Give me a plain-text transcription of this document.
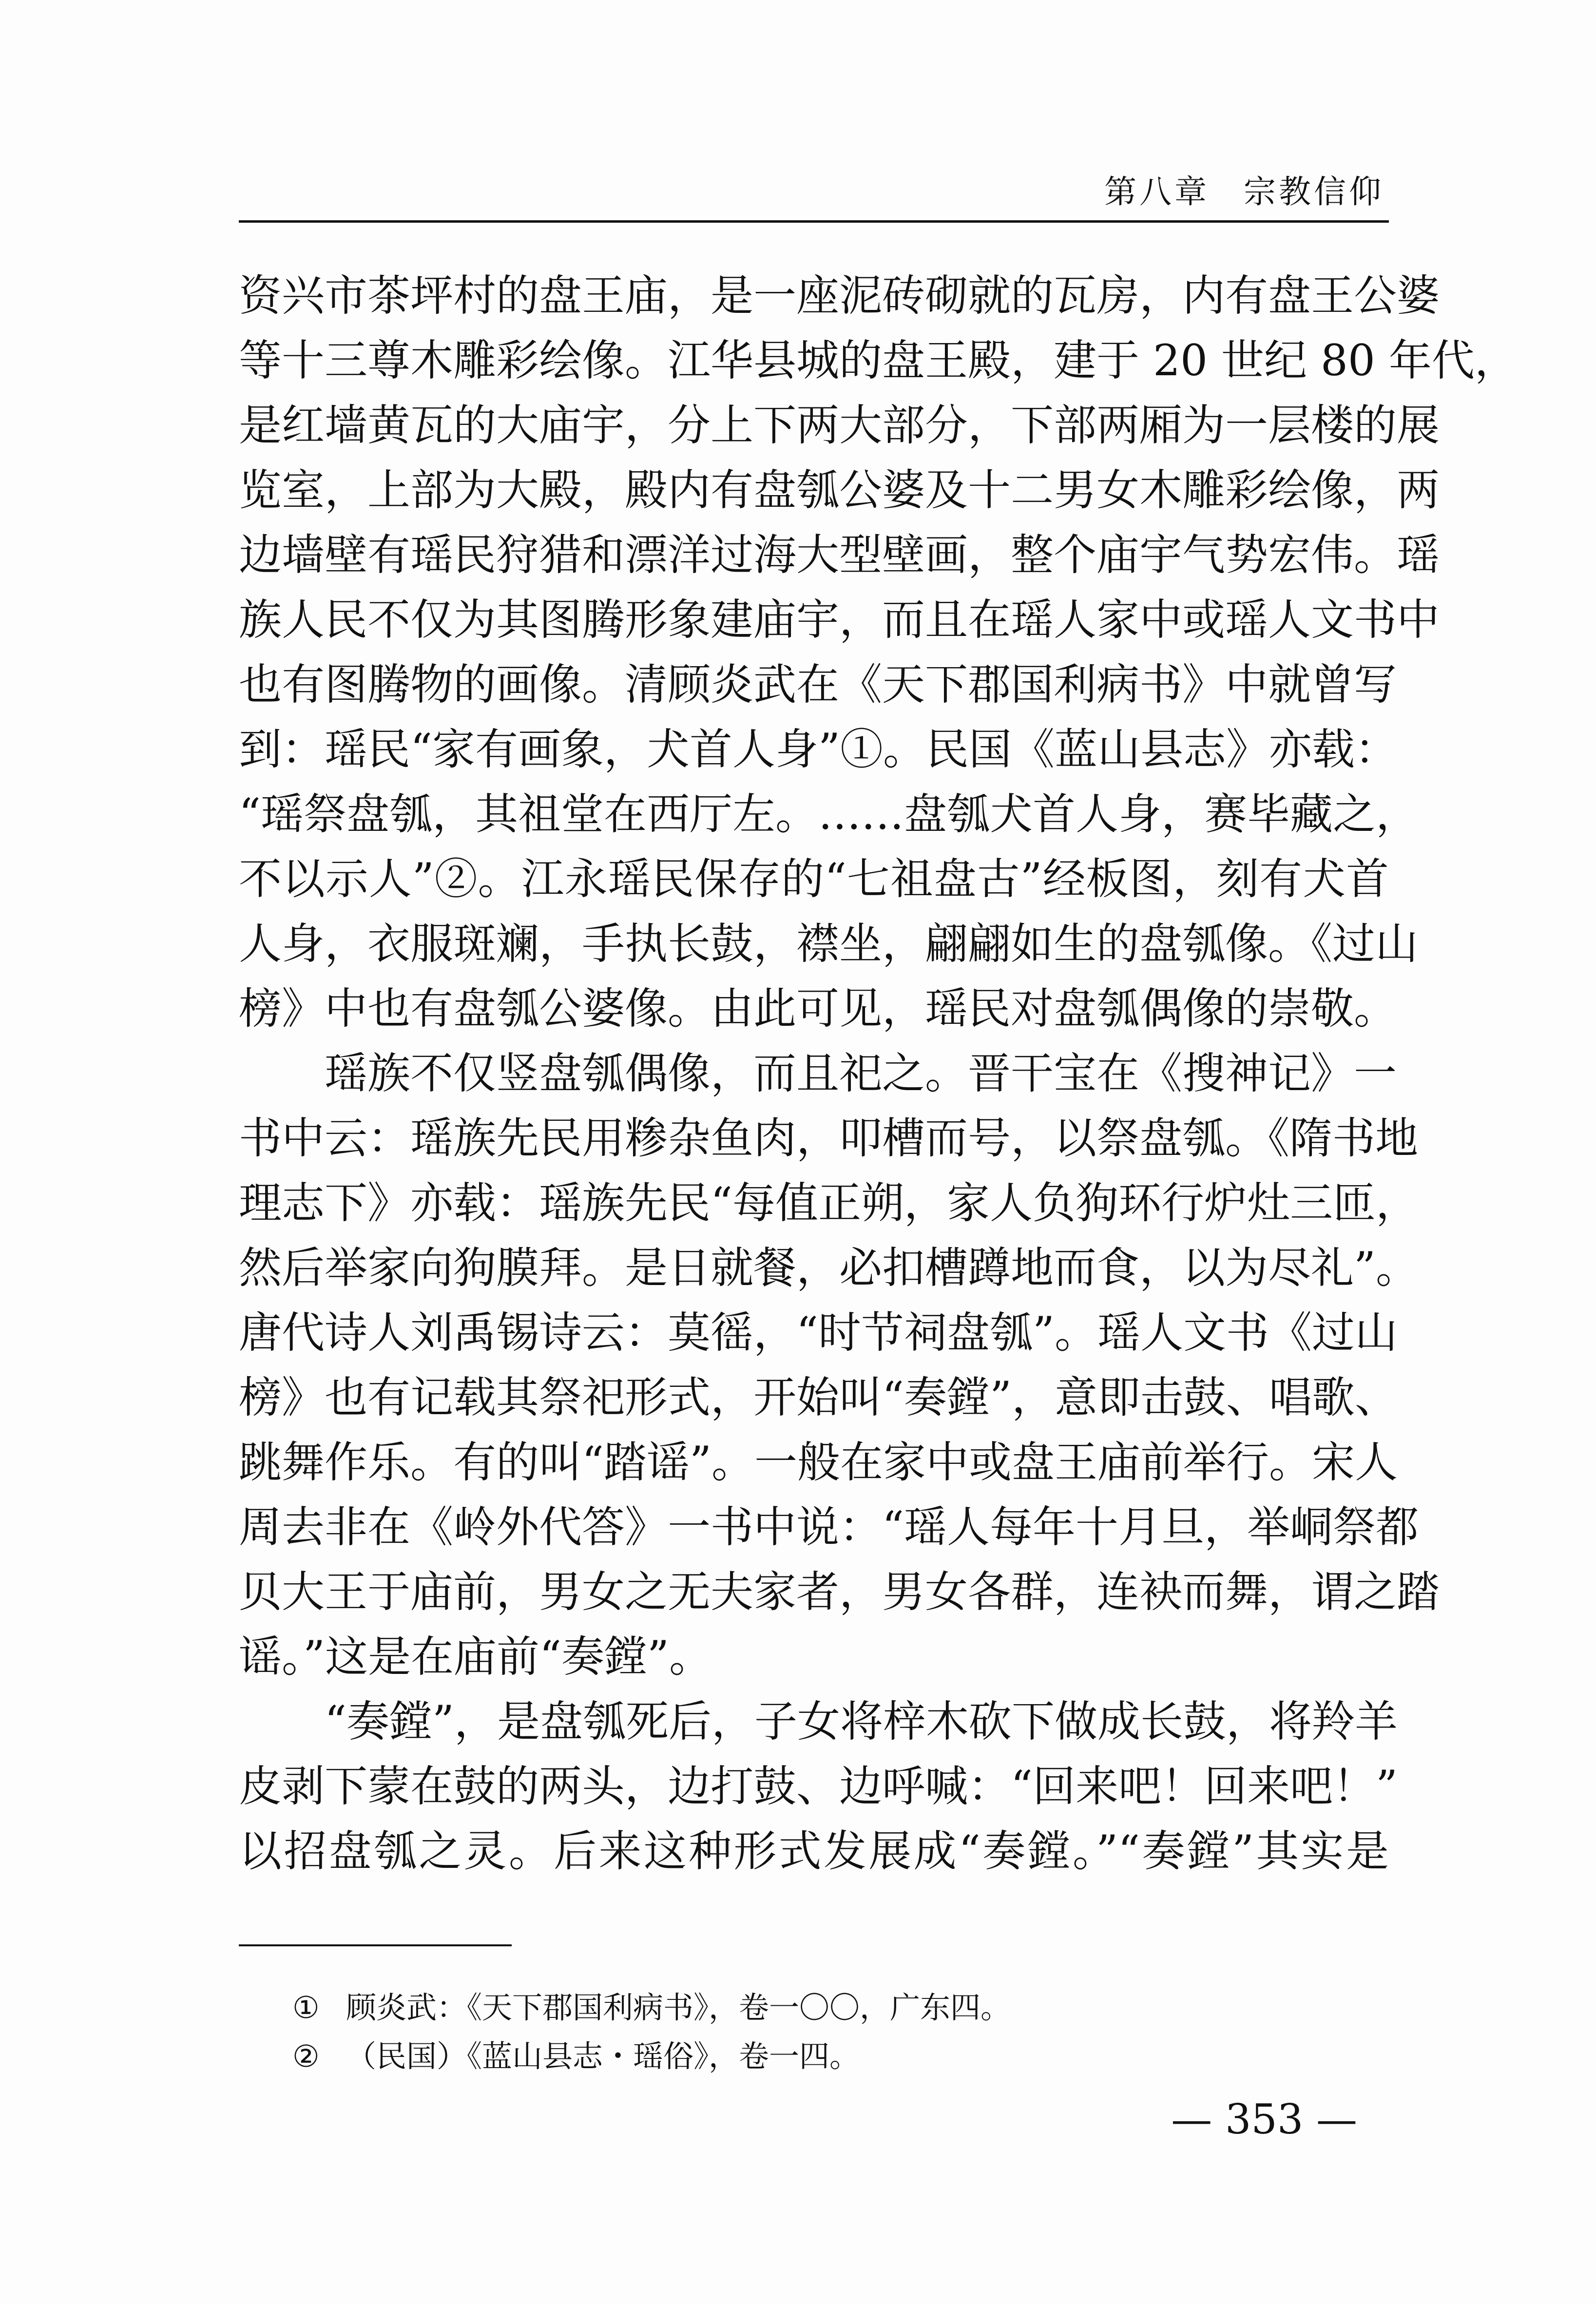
第八章 宗教信仰
资兴市茶坪村的盘王庙，是一座泥砖砌就的瓦房，内有盘王公婆
等十三尊木雕彩绘像。江华县城的盘王殿，建于 20 世纪 80 年代，
是红墙黄瓦的大庙宇，分上下两大部分，下部两厢为一层楼的展
览室，上部为大殿，殿内有盘瓠公婆及十二男女木雕彩绘像，两
边墙壁有瑶民狩猎和漂洋过海大型壁画，整个庙宇气势宏伟。瑶
族人民不仅为其图腾形象建庙宇，而且在瑶人家中或瑶人文书中
也有图腾物的画像。清顾炎武在《天下郡国利病书》中就曾写
到：瑶民“家有画象，犬首人身”①。民国《蓝山县志》亦载：
“瑶祭盘瓠，其祖堂在西厅左。……盘瓠犬首人身，赛毕藏之，
不以示人”②。江永瑶民保存的“七祖盘古”经板图，刻有犬首
人身，衣服斑斓，手执长鼓，襟坐，翩翩如生的盘瓠像。《过山
榜》中也有盘瓠公婆像。由此可见，瑶民对盘瓠偶像的崇敬。
瑶族不仅竖盘瓠偶像，而且祀之。晋干宝在《搜神记》一
书中云：瑶族先民用糁杂鱼肉，叩槽而号，以祭盘瓠。《隋书地
理志下》亦载：瑶族先民“每值正朔，家人负狗环行炉灶三匝，
然后举家向狗膜拜。是日就餐，必扣槽蹲地而食，以为尽礼”。
唐代诗人刘禹锡诗云：莫徭，“时节祠盘瓠”。瑶人文书《过山
榜》也有记载其祭祀形式，开始叫“奏鏜”，意即击鼓、唱歌、
跳舞作乐。有的叫“踏谣”。一般在家中或盘王庙前举行。宋人
周去非在《岭外代答》一书中说：“瑶人每年十月旦，举峒祭都
贝大王于庙前，男女之无夫家者，男女各群，连袂而舞，谓之踏
谣。”这是在庙前“奏鏜”。
“奏鏜”，是盘瓠死后，子女将梓木砍下做成长鼓，将羚羊
皮剥下蒙在鼓的两头，边打鼓、边呼喊：“回来吧！回来吧！”
以招盘瓠之灵。后来这种形式发展成“奏鏜。”“奏鏜”其实是
① 顾炎武：《天下郡国利病书》，卷一〇〇，广东四。
② （民国）《蓝山县志・瑶俗》，卷一四。
— 353 —
